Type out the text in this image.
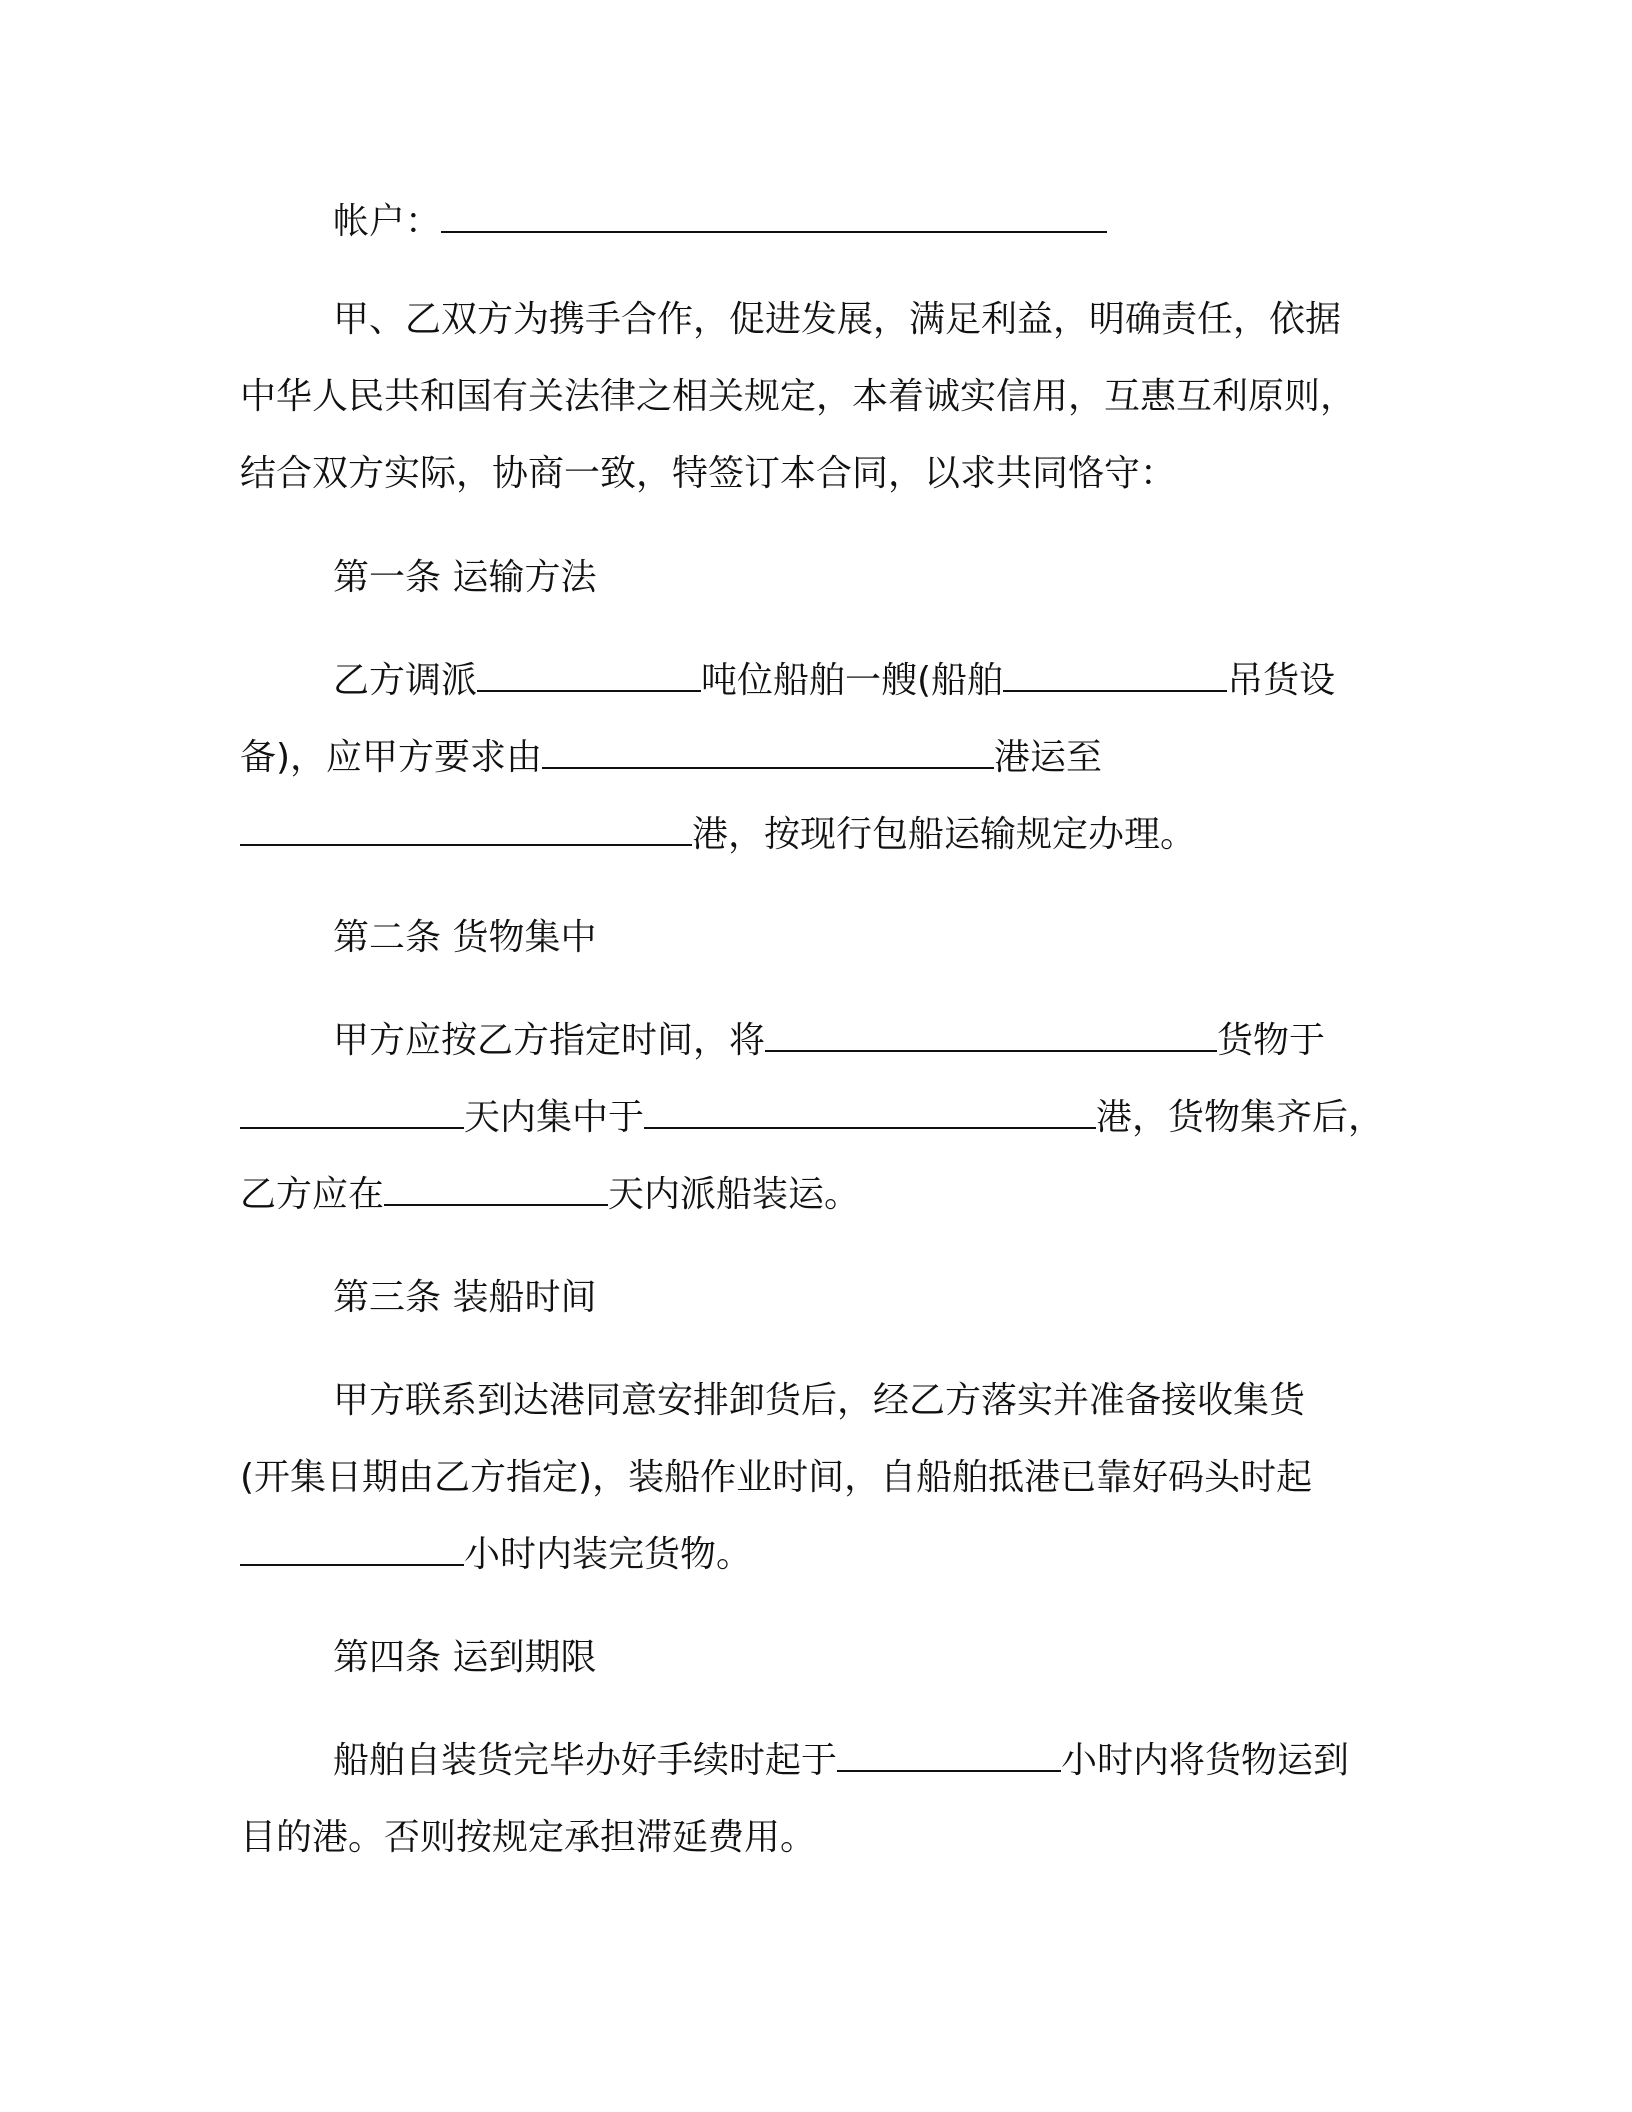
帐户：
甲、乙双方为携手合作，促进发展，满足利益，明确责任，依据
中华人民共和国有关法律之相关规定，本着诚实信用，互惠互利原则，
结合双方实际，协商一致，特签订本合同，以求共同恪守：
第一条 运输方法
乙方调派	吨位船舶一艘(船舶	吊货设
备)，应甲方要求由	港运至
港，按现行包船运输规定办理。
第二条 货物集中
甲方应按乙方指定时间，将	货物于
天内集中于	港，货物集齐后，
乙方应在	天内派船装运。
第三条 装船时间
甲方联系到达港同意安排卸货后，经乙方落实并准备接收集货
(开集日期由乙方指定)，装船作业时间，自船舶抵港已靠好码头时起
小时内装完货物。
第四条 运到期限
船舶自装货完毕办好手续时起于	小时内将货物运到
目的港。否则按规定承担滞延费用。
